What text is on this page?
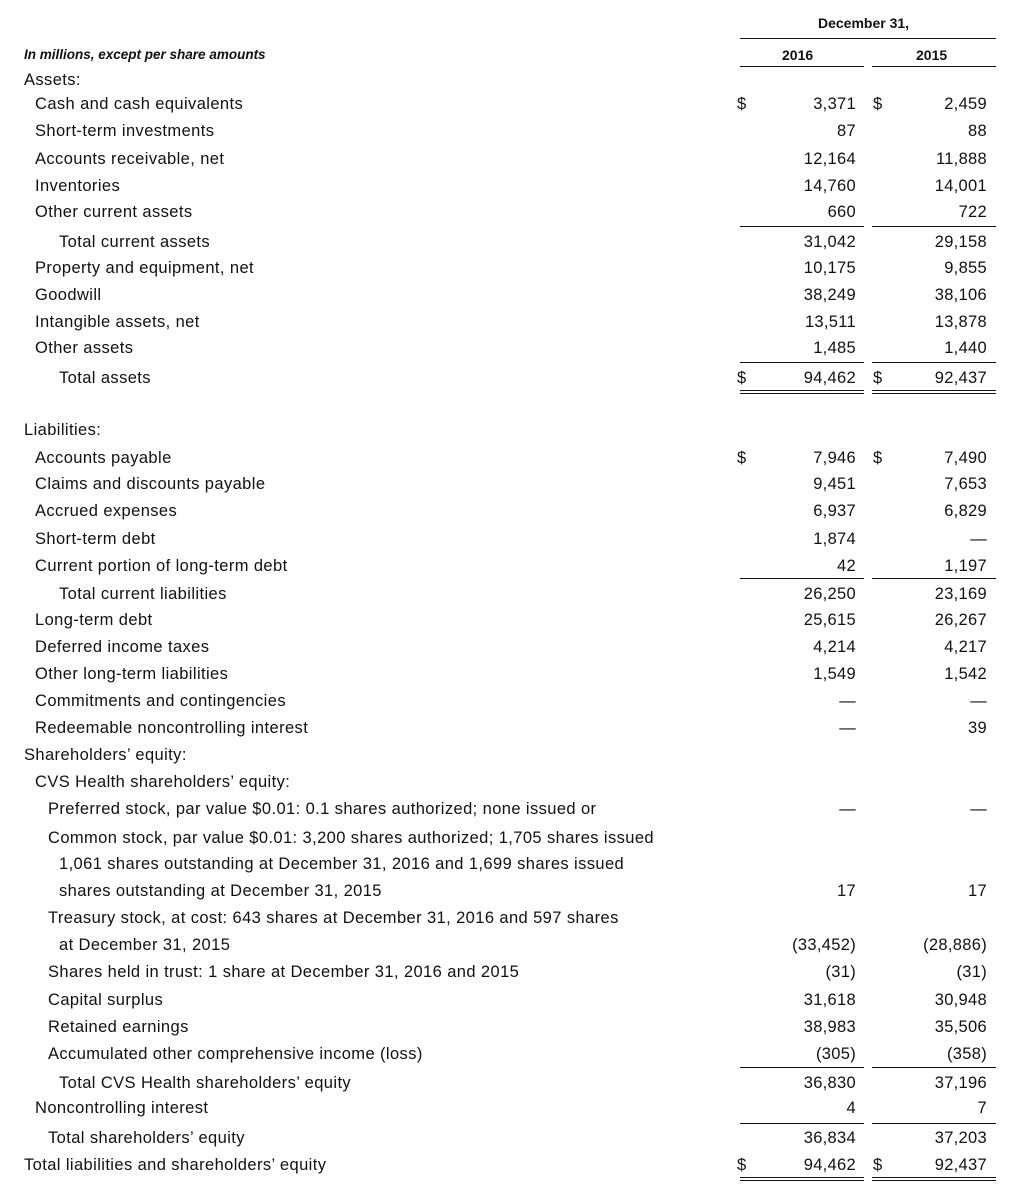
December 31,
2016	2015
In millions, except per share amounts
Assets:
Cash and cash equivalents	3,371	2,459
Short-term investments	87	88
Accounts receivable, net	12,164	11,888
Inventories	14,760	14,001
Other current assets	660	722
Total current assets	31,042	29,158
Property and equipment, net	10,175	9,855
Goodwill	38,249	38,106
Intangible assets, net	13,511	13,878
Other assets	1,485	1,440
Total assets	94,462	92,437
Liabilities:
Accounts payable	7,946	7,490
Claims and discounts payable	9,451	7,653
Accrued expenses	6,937	6,829
Short-term debt	1,874	—
Current portion of long-term debt	42	1,197
Total current liabilities	26,250	23,169
Long-term debt	25,615	26,267
Deferred income taxes	4,214	4,217
Other long-term liabilities	1,549	1,542
Commitments and contingencies	—	—
Redeemable noncontrolling interest	—	39
Shareholders’ equity:
CVS Health shareholders’ equity:
Preferred stock, par value $0.01: 0.1 shares authorized; none issued or	—	—
Common stock, par value $0.01: 3,200 shares authorized; 1,705 shares issued
1,061 shares outstanding at December 31, 2016 and 1,699 shares issued
shares outstanding at December 31, 2015	17	17
Treasury stock, at cost: 643 shares at December 31, 2016 and 597 shares
at December 31, 2015	(33,452)	(28,886)
Shares held in trust: 1 share at December 31, 2016 and 2015	(31)	(31)
Capital surplus	31,618	30,948
Retained earnings	38,983	35,506
Accumulated other comprehensive income (loss)	(305)	(358)
Total CVS Health shareholders’ equity	36,830	37,196
Noncontrolling interest	4	7
Total shareholders’ equity	36,834	37,203
Total liabilities and shareholders’ equity	94,462	92,437
$	$
$	$
$	$
$	$
